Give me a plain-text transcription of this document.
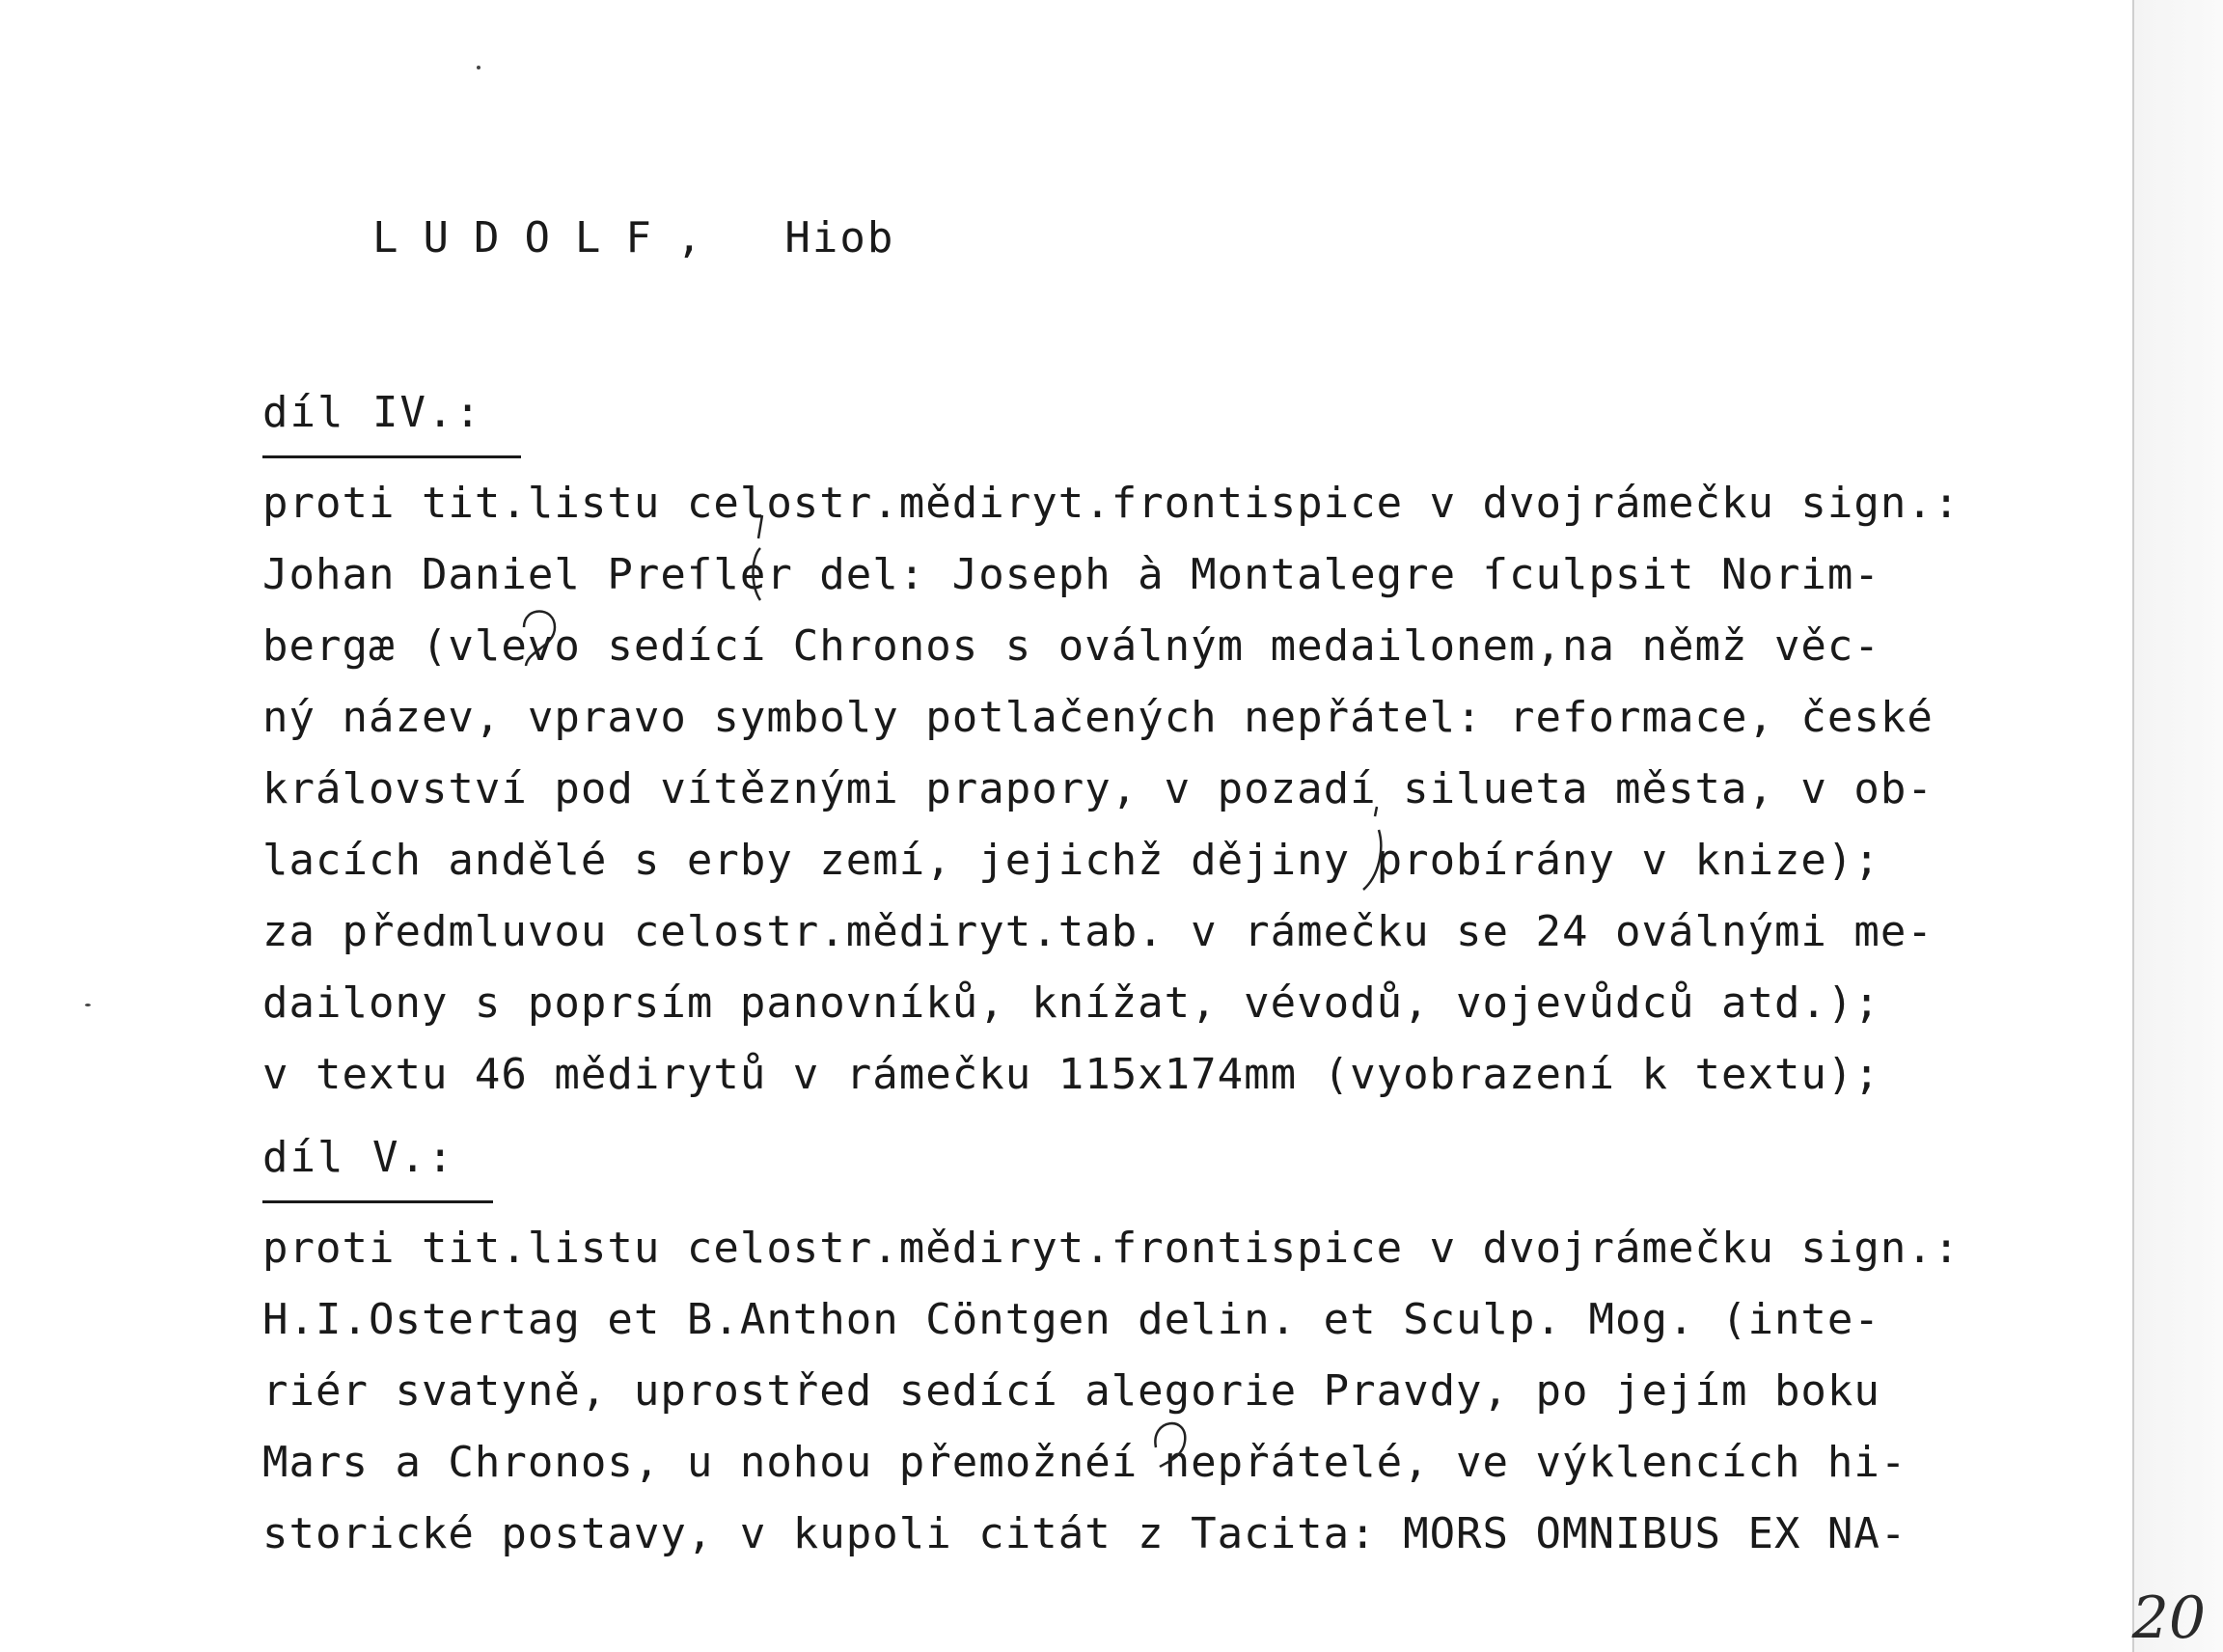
LUDOLF, Hiob

díl IV.:
proti tit.listu celostr.mědiryt.frontispice v dvojrámečku sign.:
Johan Daniel Preſler del: Joseph à Montalegre ſculpsit Norim-
bergæ (vlevo sedící Chronos s oválným medailonem,na němž věc-
ný název, vpravo symboly potlačených nepřátel: reformace, české
království pod vítěznými prapory, v pozadí silueta města, v ob-
lacích andělé s erby zemí, jejichž dějiny probírány v knize);
za předmluvou celostr.mědiryt.tab. v rámečku se 24 oválnými me-
dailony s poprsím panovníků, knížat, vévodů, vojevůdců atd.);
v textu 46 mědirytů v rámečku 115x174mm (vyobrazení k textu);
díl V.:
proti tit.listu celostr.mědiryt.frontispice v dvojrámečku sign.:
H.I.Ostertag et B.Anthon Cöntgen delin. et Sculp. Mog. (inte-
riér svatyně, uprostřed sedící alegorie Pravdy, po jejím boku
Mars a Chronos, u nohou přemožnéí nepřátelé, ve výklencích hi-
storické postavy, v kupoli citát z Tacita: MORS OMNIBUS EX NA-
20
